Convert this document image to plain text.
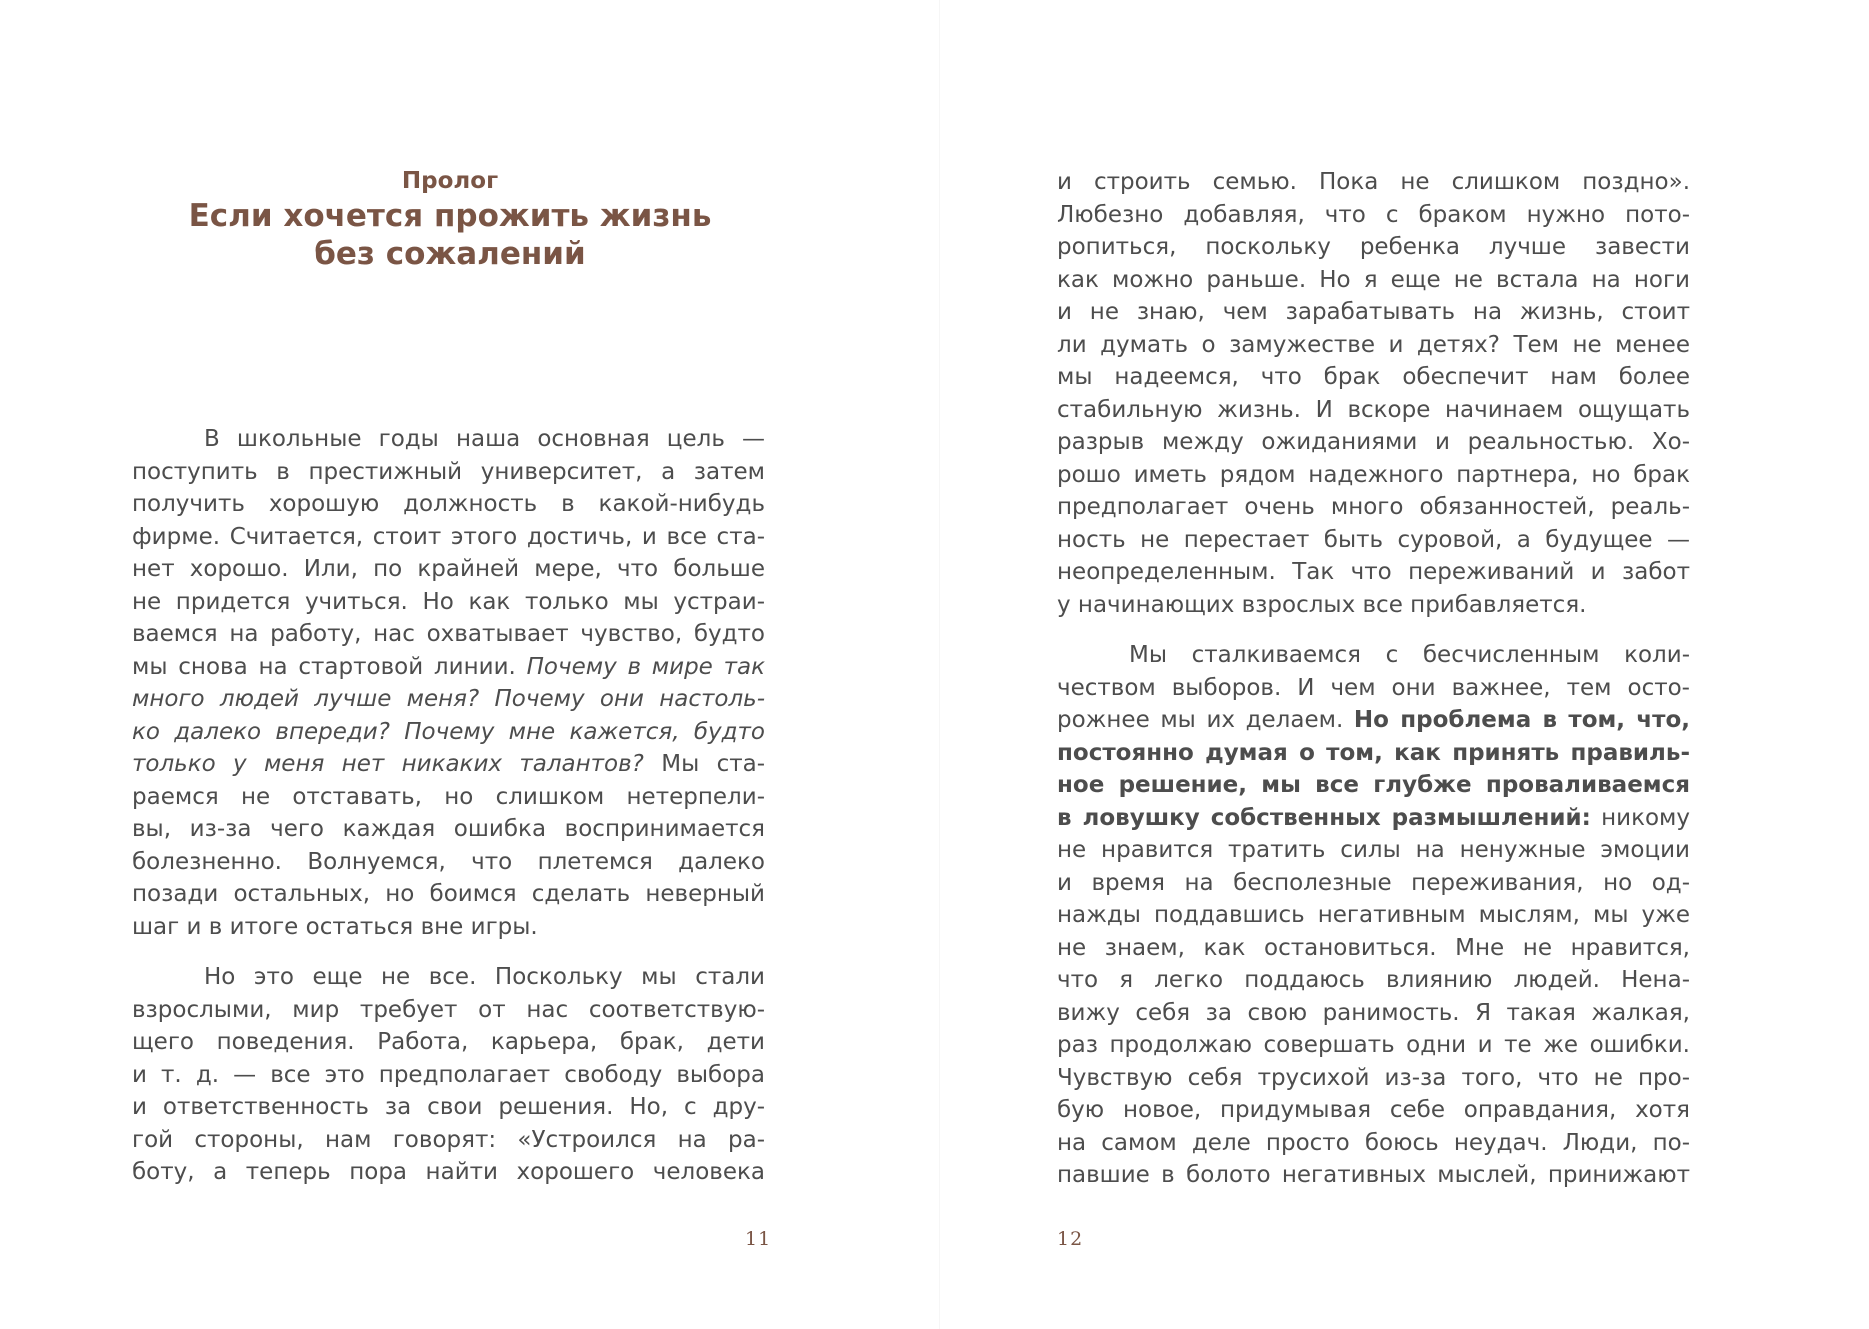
Пролог
Если хочется прожить жизнь
без сожалений
В школьные годы наша основная цель —
поступить в престижный университет, а затем
получить хорошую должность в какой-нибудь
фирме. Считается, стоит этого достичь, и все ста-
нет хорошо. Или, по крайней мере, что больше
не придется учиться. Но как только мы устраи-
ваемся на работу, нас охватывает чувство, будто
мы снова на стартовой линии. Почему в мире так
много людей лучше меня? Почему они настоль-
ко далеко впереди? Почему мне кажется, будто
только у меня нет никаких талантов? Мы ста-
раемся не отставать, но слишком нетерпели-
вы, из-за чего каждая ошибка воспринимается
болезненно. Волнуемся, что плетемся далеко
позади остальных, но боимся сделать неверный
шаг и в итоге остаться вне игры.
Но это еще не все. Поскольку мы стали
взрослыми, мир требует от нас соответствую-
щего поведения. Работа, карьера, брак, дети
и т. д. — все это предполагает свободу выбора
и ответственность за свои решения. Но, с дру-
гой стороны, нам говорят: «Устроился на ра-
боту, а теперь пора найти хорошего человека
11
и строить семью. Пока не слишком поздно».
Любезно добавляя, что с браком нужно пото-
ропиться, поскольку ребенка лучше завести
как можно раньше. Но я еще не встала на ноги
и не знаю, чем зарабатывать на жизнь, стоит
ли думать о замужестве и детях? Тем не менее
мы надеемся, что брак обеспечит нам более
стабильную жизнь. И вскоре начинаем ощущать
разрыв между ожиданиями и реальностью. Хо-
рошо иметь рядом надежного партнера, но брак
предполагает очень много обязанностей, реаль-
ность не перестает быть суровой, а будущее —
неопределенным. Так что переживаний и забот
у начинающих взрослых все прибавляется.
Мы сталкиваемся с бесчисленным коли-
чеством выборов. И чем они важнее, тем осто-
рожнее мы их делаем. Но проблема в том, что,
постоянно думая о том, как принять правиль-
ное решение, мы все глубже проваливаемся
в ловушку собственных размышлений: никому
не нравится тратить силы на ненужные эмоции
и время на бесполезные переживания, но од-
нажды поддавшись негативным мыслям, мы уже
не знаем, как остановиться. Мне не нравится,
что я легко поддаюсь влиянию людей. Нена-
вижу себя за свою ранимость. Я такая жалкая,
раз продолжаю совершать одни и те же ошибки.
Чувствую себя трусихой из-за того, что не про-
бую новое, придумывая себе оправдания, хотя
на самом деле просто боюсь неудач. Люди, по-
павшие в болото негативных мыслей, принижают
12
